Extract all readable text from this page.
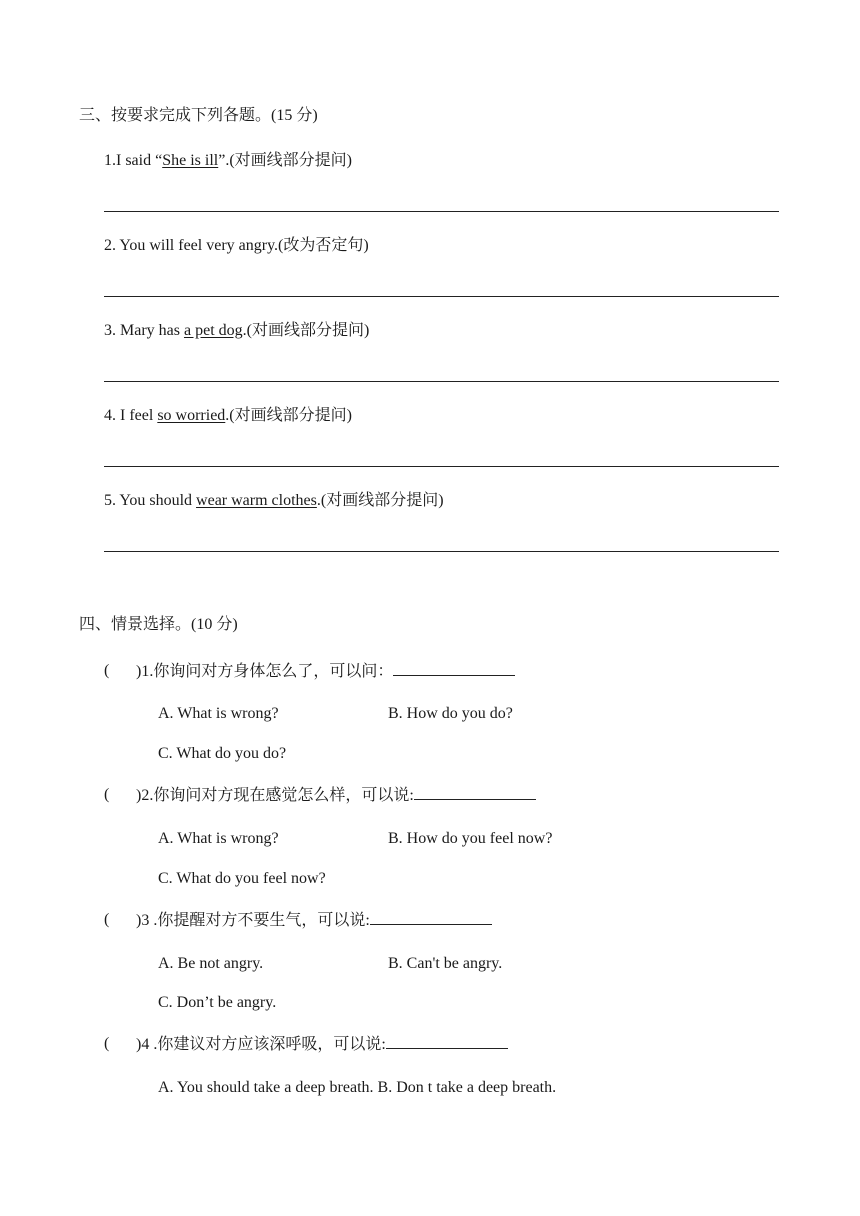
三、按要求完成下列各题。(15 分)
1.I said “She is ill”.(对画线部分提问)
2. You will feel very angry.(改为否定句)
3. Mary has a pet dog.(对画线部分提问)
4. I feel so worried.(对画线部分提问)
5. You should wear warm clothes.(对画线部分提问)
四、情景选择。(10 分)
( )1.你询问对方身体怎么了，可以问：
A. What is wrong?	B. How do you do?
C. What do you do?
( )2.你询问对方现在感觉怎么样，可以说:
A. What is wrong?	B. How do you feel now?
C. What do you feel now?
( )3 .你提醒对方不要生气，可以说:
A. Be not angry.	B. Can't be angry.
C. Don’t be angry.
( )4 .你建议对方应该深呼吸，可以说:
A. You should take a deep breath. B. Don t take a deep breath.
